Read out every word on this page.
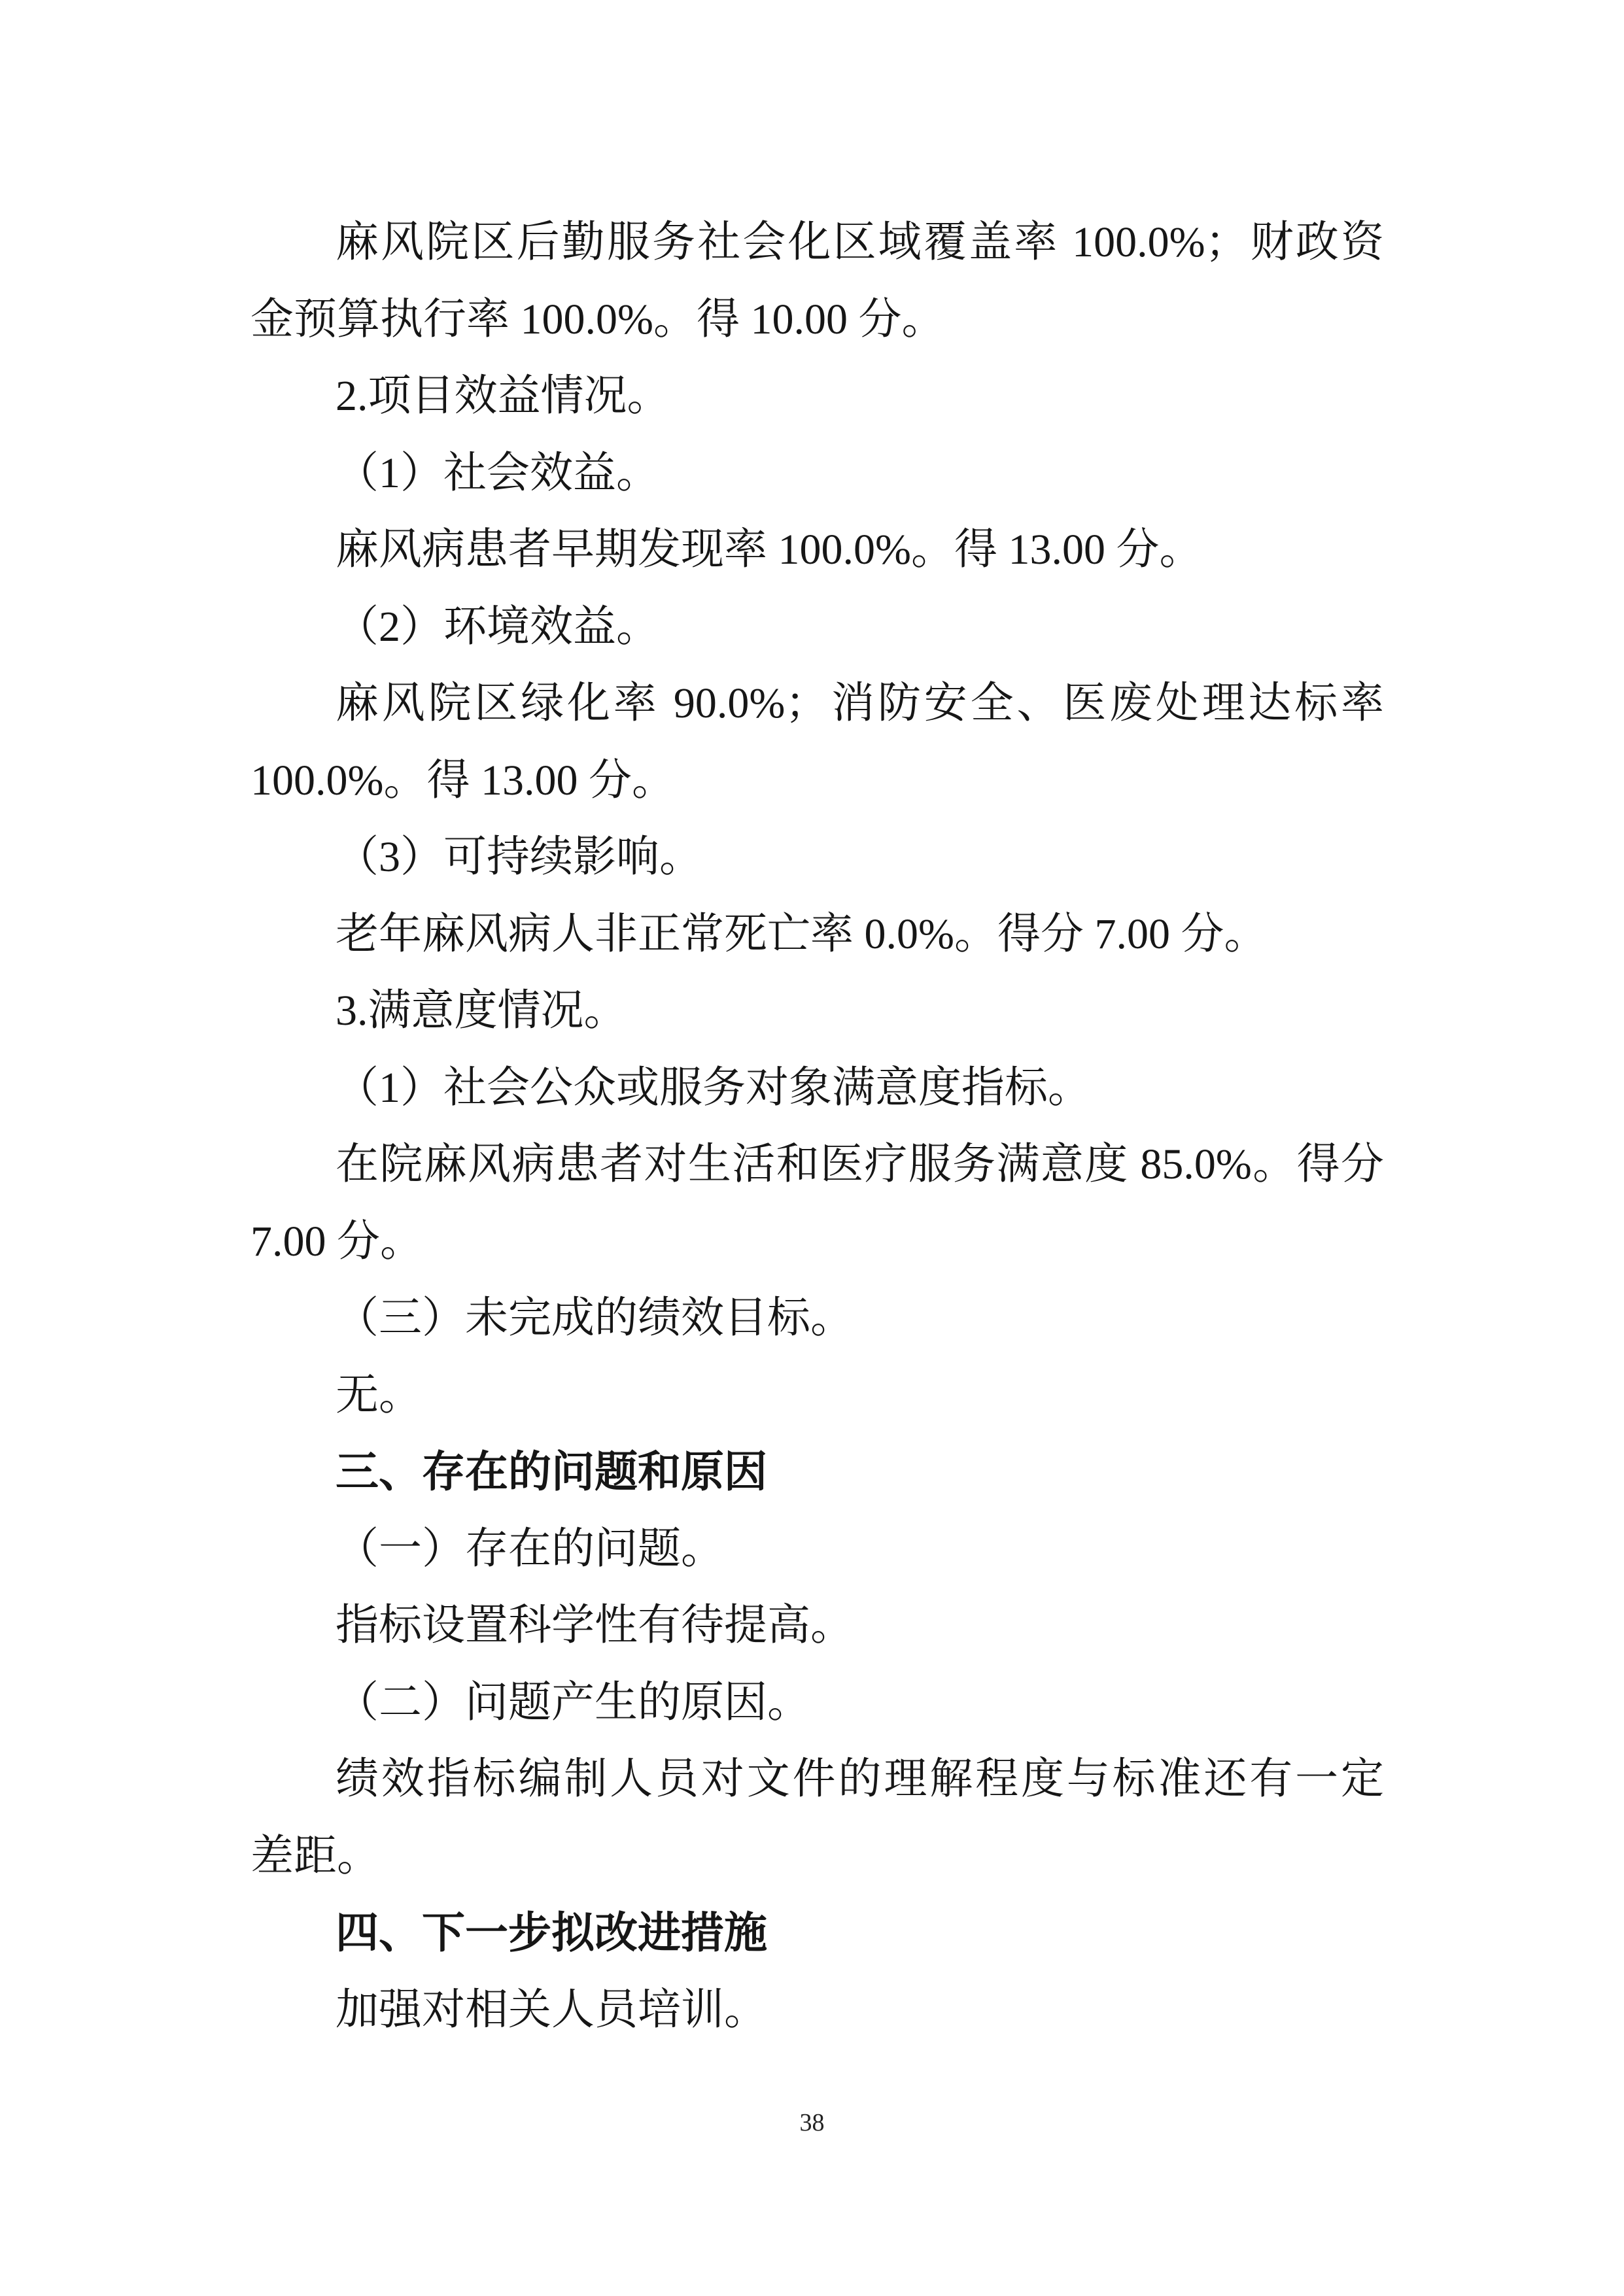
麻风院区后勤服务社会化区域覆盖率 100.0%；财政资
金预算执行率 100.0%。得 10.00 分。
2.项目效益情况。
（1）社会效益。
麻风病患者早期发现率 100.0%。得 13.00 分。
（2）环境效益。
麻风院区绿化率 90.0%；消防安全、医废处理达标率
100.0%。得 13.00 分。
（3）可持续影响。
老年麻风病人非正常死亡率 0.0%。得分 7.00 分。
3.满意度情况。
（1）社会公众或服务对象满意度指标。
在院麻风病患者对生活和医疗服务满意度 85.0%。得分
7.00 分。
（三）未完成的绩效目标。
无。
三、存在的问题和原因
（一）存在的问题。
指标设置科学性有待提高。
（二）问题产生的原因。
绩效指标编制人员对文件的理解程度与标准还有一定
差距。
四、下一步拟改进措施
加强对相关人员培训。
38
